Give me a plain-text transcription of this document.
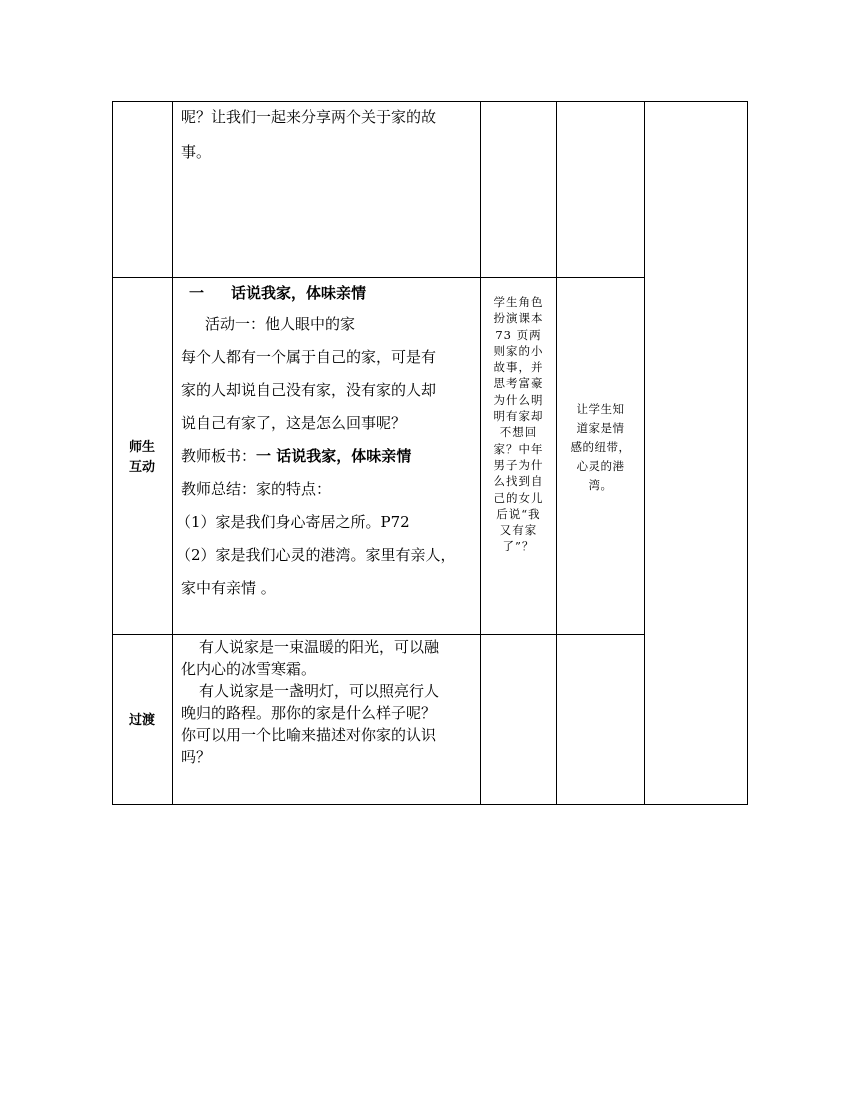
呢？让我们一起来分享两个关于家的故
事。
师生
互动
一 话说我家，体味亲情
活动一：他人眼中的家
每个人都有一个属于自己的家，可是有
家的人却说自己没有家，没有家的人却
说自己有家了，这是怎么回事呢？
教师板书：一 话说我家，体味亲情
教师总结：家的特点：
（1）家是我们身心寄居之所。P72
（2）家是我们心灵的港湾。家里有亲人，
家中有亲情 。
学生角色
扮演课本
73 页两
则家的小
故事，并
思考富豪
为什么明
明有家却
不想回
家？中年
男子为什
么找到自
己的女儿
后说“我
又有家
了”？
让学生知
道家是情
感的纽带，
心灵的港
湾。
过渡
有人说家是一束温暖的阳光，可以融
化内心的冰雪寒霜。
有人说家是一盏明灯，可以照亮行人
晚归的路程。那你的家是什么样子呢？
你可以用一个比喻来描述对你家的认识
吗？
